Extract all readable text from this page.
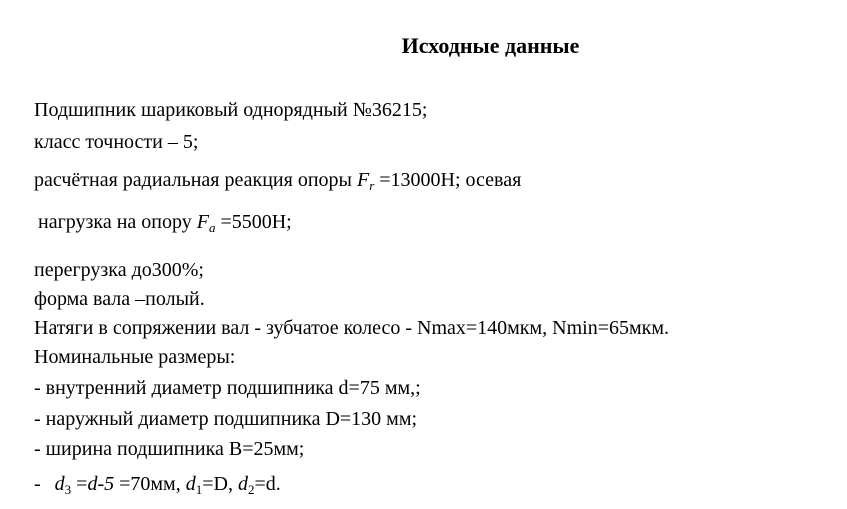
Исходные данные
Подшипник шариковый однорядный №36215;
класс точности – 5;
расчётная радиальная реакция опоры $F_r =13000Н$; осевая
нагрузка на опору $F_a =5500Н$;
перегрузка до300%;
форма вала –полый.
Натяги в сопряжении вал - зубчатое колесо - Nmax=140мкм, Nmin=65мкм.
Номинальные размеры:
- внутренний диаметр подшипника d=75 мм,;
- наружный диаметр подшипника D=130 мм;
- ширина подшипника B=25мм;
- $d_3 =d-5 =70мм$, $d_1=D$, $d_2=d$.
